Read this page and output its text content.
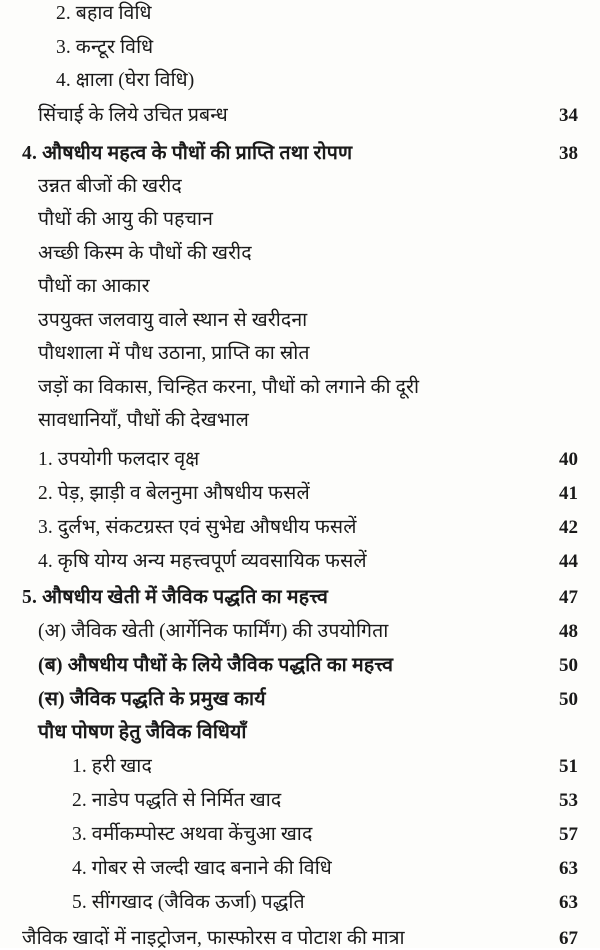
2. बहाव विधि
3. कन्टूर विधि
4. क्षाला (घेरा विधि)
सिंचाई के लिये उचित प्रबन्ध	34
4. औषधीय महत्व के पौधों की प्राप्ति तथा रोपण	38
उन्नत बीजों की खरीद
पौधों की आयु की पहचान
अच्छी किस्म के पौधों की खरीद
पौधों का आकार
उपयुक्त जलवायु वाले स्थान से खरीदना
पौधशाला में पौध उठाना, प्राप्ति का स्रोत
जड़ों का विकास, चिन्हित करना, पौधों को लगाने की दूरी
सावधानियाँ, पौधों की देखभाल
1. उपयोगी फलदार वृक्ष	40
2. पेड़, झाड़ी व बेलनुमा औषधीय फसलें	41
3. दुर्लभ, संकटग्रस्त एवं सुभेद्य औषधीय फसलें	42
4. कृषि योग्य अन्य महत्त्वपूर्ण व्यवसायिक फसलें	44
5. औषधीय खेती में जैविक पद्धति का महत्त्व	47
(अ) जैविक खेती (आर्गेनिक फार्मिंग) की उपयोगिता	48
(ब) औषधीय पौधों के लिये जैविक पद्धति का महत्त्व	50
(स) जैविक पद्धति के प्रमुख कार्य	50
पौध पोषण हेतु जैविक विधियाँ
1. हरी खाद	51
2. नाडेप पद्धति से निर्मित खाद	53
3. वर्मीकम्पोस्ट अथवा केंचुआ खाद	57
4. गोबर से जल्दी खाद बनाने की विधि	63
5. सींगखाद (जैविक ऊर्जा) पद्धति	63
जैविक खादों में नाइट्रोजन, फास्फोरस व पोटाश की मात्रा	67
